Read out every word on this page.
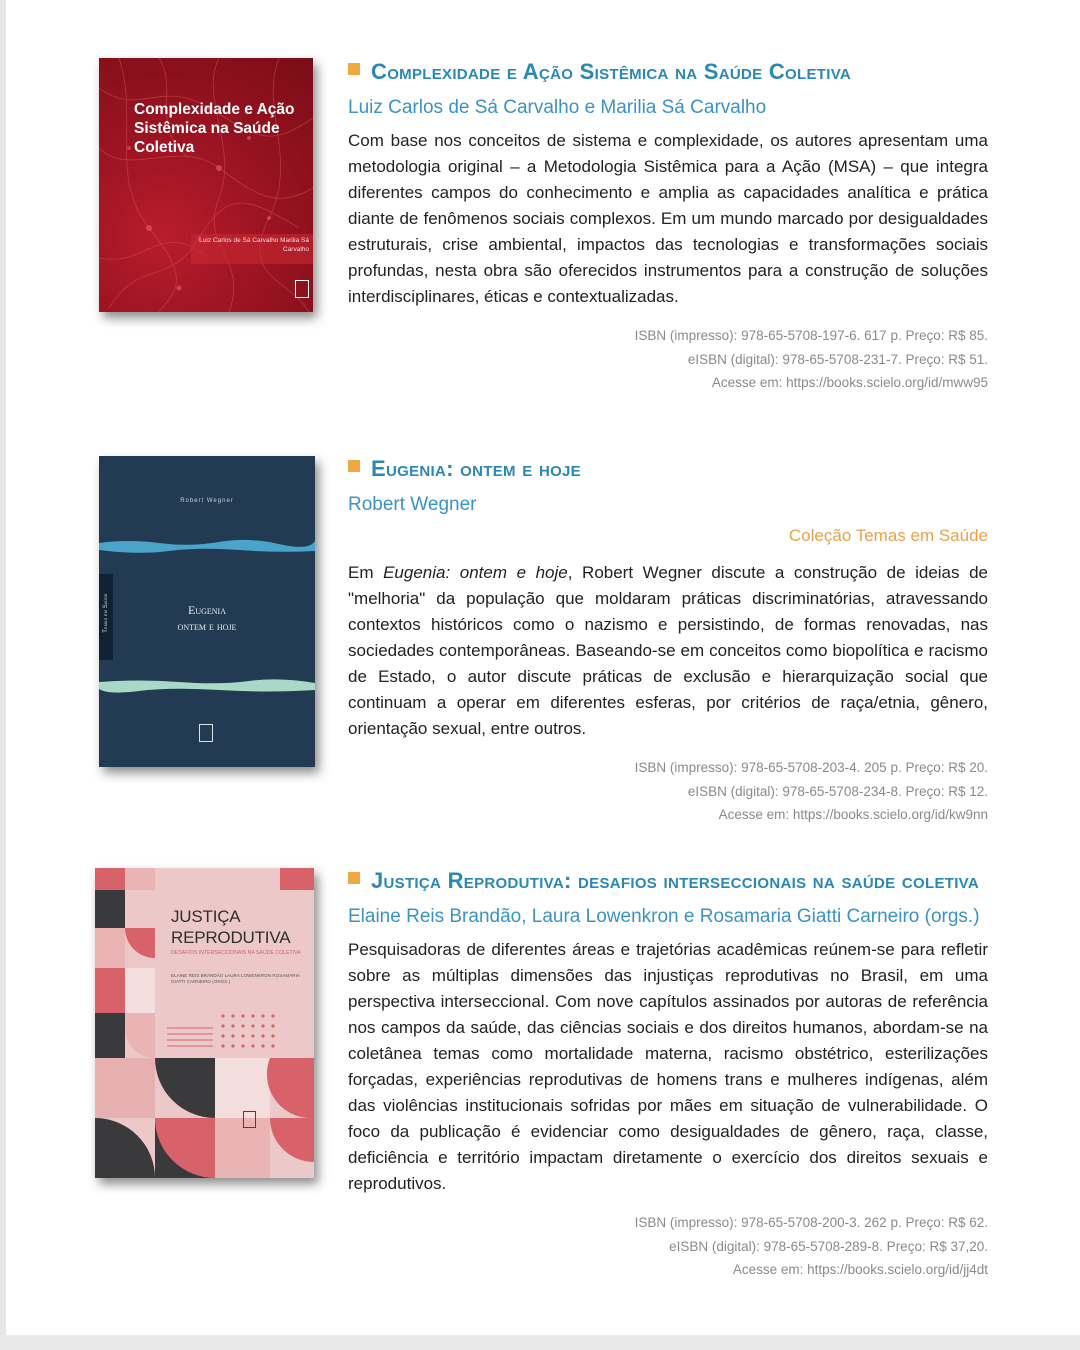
Complexidade e Ação Sistêmica na Saúde Coletiva
Luiz Carlos de Sá Carvalho Marilia Sá Carvalho
Complexidade e Ação Sistêmica na Saúde Coletiva
Luiz Carlos de Sá Carvalho e Marilia Sá Carvalho
Com base nos conceitos de sistema e complexidade, os autores apresentam uma metodologia original – a Metodologia Sistêmica para a Ação (MSA) – que integra diferentes campos do conhecimento e amplia as capacidades analítica e prática diante de fenômenos sociais complexos. Em um mundo marcado por desigualdades estruturais, crise ambiental, impactos das tecnologias e transformações sociais profundas, nesta obra são oferecidos instrumentos para a construção de soluções interdisciplinares, éticas e contextualizadas.
ISBN (impresso): 978-65-5708-197-6. 617 p. Preço: R$ 85.
eISBN (digital): 978-65-5708-231-7. Preço: R$ 51.
Acesse em: https://books.scielo.org/id/mww95
Robert Wegner
Temas em Saúde	Eugenia
ontem e hoje
Eugenia: ontem e hoje
Robert Wegner
Coleção Temas em Saúde
Em Eugenia: ontem e hoje, Robert Wegner discute a construção de ideias de "melhoria" da população que moldaram práticas discriminatórias, atravessando contextos históricos como o nazismo e persistindo, de formas renovadas, nas sociedades contemporâneas. Baseando-se em conceitos como biopolítica e racismo de Estado, o autor discute práticas de exclusão e hierarquização social que continuam a operar em diferentes esferas, por critérios de raça/etnia, gênero, orientação sexual, entre outros.
ISBN (impresso): 978-65-5708-203-4. 205 p. Preço: R$ 20.
eISBN (digital): 978-65-5708-234-8. Preço: R$ 12.
Acesse em: https://books.scielo.org/id/kw9nn
JUSTIÇA
REPRODUTIVA
DESAFIOS INTERSECCIONAIS NA SAÚDE COLETIVA
ELAINE REIS BRANDÃO LAURA LOWENKRON ROSAMARIA GIATTI CARNEIRO (ORGS.)
Justiça Reprodutiva: desafios interseccionais na saúde coletiva
Elaine Reis Brandão, Laura Lowenkron e Rosamaria Giatti Carneiro (orgs.)
Pesquisadoras de diferentes áreas e trajetórias acadêmicas reúnem-se para refletir sobre as múltiplas dimensões das injustiças reprodutivas no Brasil, em uma perspectiva interseccional. Com nove capítulos assinados por autoras de referência nos campos da saúde, das ciências sociais e dos direitos humanos, abordam-se na coletânea temas como mortalidade materna, racismo obstétrico, esterilizações forçadas, experiências reprodutivas de homens trans e mulheres indígenas, além das violências institucionais sofridas por mães em situação de vulnerabilidade. O foco da publicação é evidenciar como desigualdades de gênero, raça, classe, deficiência e território impactam diretamente o exercício dos direitos sexuais e reprodutivos.
ISBN (impresso): 978-65-5708-200-3. 262 p. Preço: R$ 62.
eISBN (digital): 978-65-5708-289-8. Preço: R$ 37,20.
Acesse em: https://books.scielo.org/id/jj4dt
